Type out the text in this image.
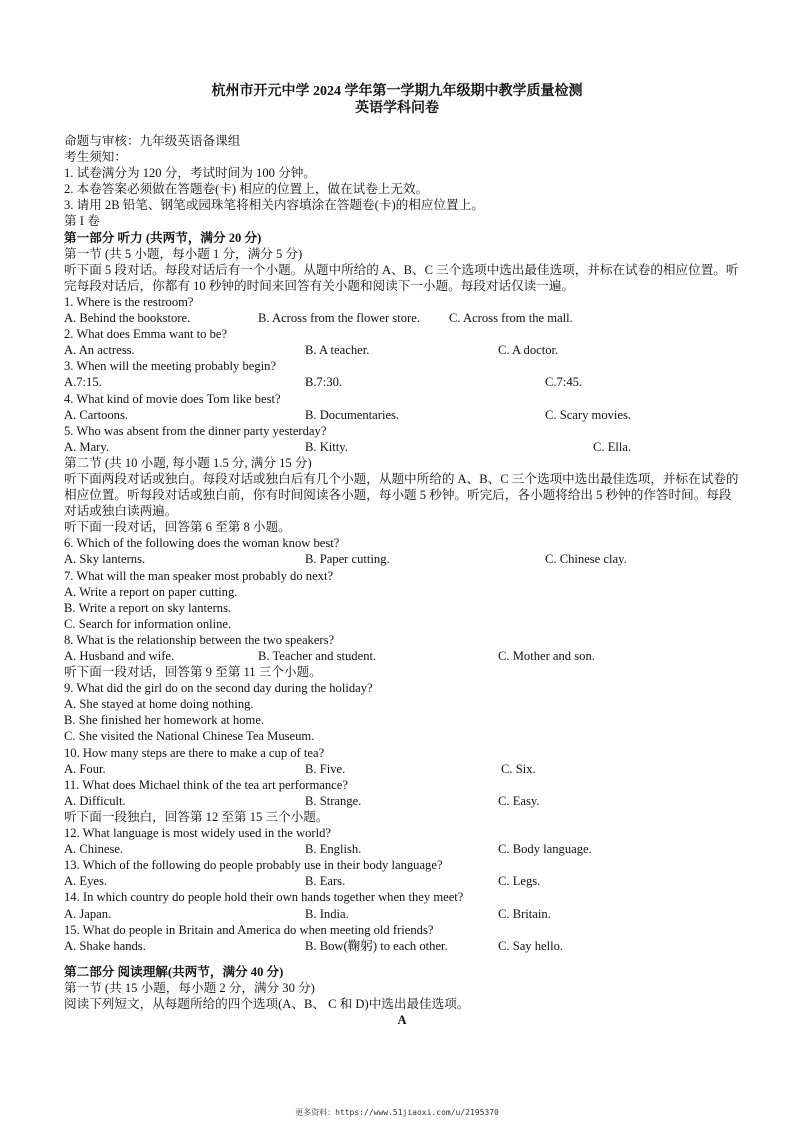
杭州市开元中学 2024 学年第一学期九年级期中教学质量检测
英语学科问卷
命题与审核：九年级英语备课组
考生须知：
1. 试卷满分为 120 分，考试时间为 100 分钟。
2. 本卷答案必须做在答题卷(卡) 相应的位置上，做在试卷上无效。
3. 请用 2B 铅笔、钢笔或园珠笔将相关内容填涂在答题卷(卡)的相应位置上。
第 I 卷
第一部分 听力 (共两节，满分 20 分)
第一节 (共 5 小题，每小题 1 分，满分 5 分)
听下面 5 段对话。每段对话后有一个小题。从题中所给的 A、B、C 三个选项中选出最佳选项，并标在试卷的相应位置。听完每段对话后，你都有 10 秒钟的时间来回答有关小题和阅读下一小题。每段对话仅读一遍。
1. Where is the restroom?
A. Behind the bookstore.	B. Across from the flower store. C. Across from the mall.
2. What does Emma want to be?
A. An actress.	B. A teacher.	C. A doctor.
3. When will the meeting probably begin?
A.7:15.	B.7:30.	C.7:45.
4. What kind of movie does Tom like best?
A. Cartoons.	B. Documentaries.	C. Scary movies.
5. Who was absent from the dinner party yesterday?
A. Mary.	B. Kitty.	C. Ella.
第二节 (共 10 小题, 每小题 1.5 分, 满分 15 分)
听下面两段对话或独白。每段对话或独白后有几个小题，从题中所给的 A、B、C 三个选项中选出最佳选项，并标在试卷的相应位置。听每段对话或独白前，你有时间阅读各小题，每小题 5 秒钟。听完后，各小题将给出 5 秒钟的作答时间。每段对话或独白读两遍。
听下面一段对话，回答第 6 至第 8 小题。
6. Which of the following does the woman know best?
A. Sky lanterns.	B. Paper cutting.	C. Chinese clay.
7. What will the man speaker most probably do next?
A. Write a report on paper cutting.
B. Write a report on sky lanterns.
C. Search for information online.
8. What is the relationship between the two speakers?
A. Husband and wife.	B. Teacher and student.	C. Mother and son.
听下面一段对话，回答第 9 至第 11 三个小题。
9. What did the girl do on the second day during the holiday?
A. She stayed at home doing nothing.
B. She finished her homework at home.
C. She visited the National Chinese Tea Museum.
10. How many steps are there to make a cup of tea?
A. Four.	B. Five.	C. Six.
11. What does Michael think of the tea art performance?
A. Difficult.	B. Strange.	C. Easy.
听下面一段独白，回答第 12 至第 15 三个小题。
12. What language is most widely used in the world?
A. Chinese.	B. English.	C. Body language.
13. Which of the following do people probably use in their body language?
A. Eyes.	B. Ears.	C. Legs.
14. In which country do people hold their own hands together when they meet?
A. Japan.	B. India.	C. Britain.
15. What do people in Britain and America do when meeting old friends?
A. Shake hands.	B. Bow(鞠躬) to each other.	C. Say hello.
第二部分 阅读理解(共两节，满分 40 分)
第一节 (共 15 小题，每小题 2 分，满分 30 分)
阅读下列短文，从每题所给的四个选项(A、B、 C 和 D)中选出最佳选项。
A
更多资料：https://www.51jiaoxi.com/u/2195370
